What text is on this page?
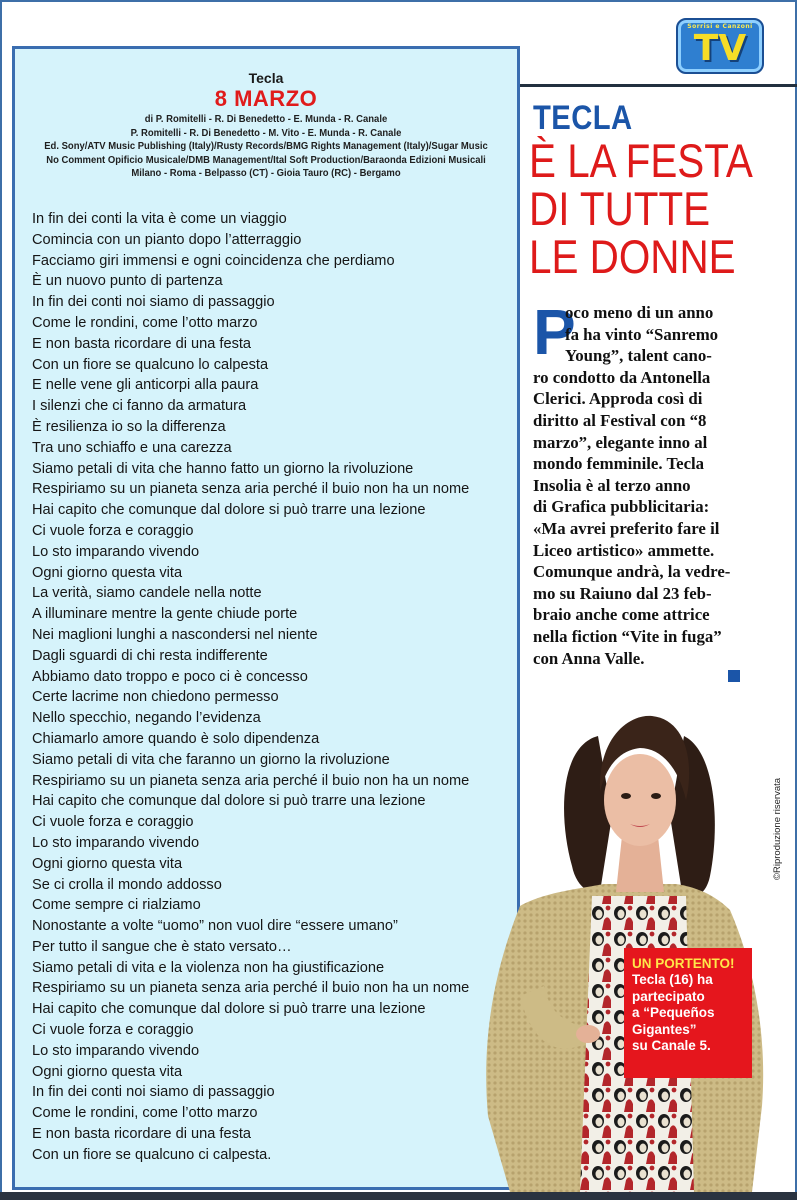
Sorrisi e Canzoni
TV
Tecla
8 MARZO
di P. Romitelli - R. Di Benedetto - E. Munda - R. Canale
P. Romitelli - R. Di Benedetto - M. Vito - E. Munda - R. Canale
Ed. Sony/ATV Music Publishing (Italy)/Rusty Records/BMG Rights Management (Italy)/Sugar Music
No Comment Opificio Musicale/DMB Management/Ital Soft Production/Baraonda Edizioni Musicali
Milano - Roma - Belpasso (CT) - Gioia Tauro (RC) - Bergamo
In fin dei conti la vita è come un viaggio
Comincia con un pianto dopo l’atterraggio
Facciamo giri immensi e ogni coincidenza che perdiamo
È un nuovo punto di partenza
In fin dei conti noi siamo di passaggio
Come le rondini, come l’otto marzo
E non basta ricordare di una festa
Con un fiore se qualcuno lo calpesta
E nelle vene gli anticorpi alla paura
I silenzi che ci fanno da armatura
È resilienza io so la differenza
Tra uno schiaffo e una carezza
Siamo petali di vita che hanno fatto un giorno la rivoluzione
Respiriamo su un pianeta senza aria perché il buio non ha un nome
Hai capito che comunque dal dolore si può trarre una lezione
Ci vuole forza e coraggio
Lo sto imparando vivendo
Ogni giorno questa vita
La verità, siamo candele nella notte
A illuminare mentre la gente chiude porte
Nei maglioni lunghi a nascondersi nel niente
Dagli sguardi di chi resta indifferente
Abbiamo dato troppo e poco ci è concesso
Certe lacrime non chiedono permesso
Nello specchio, negando l’evidenza
Chiamarlo amore quando è solo dipendenza
Siamo petali di vita che faranno un giorno la rivoluzione
Respiriamo su un pianeta senza aria perché il buio non ha un nome
Hai capito che comunque dal dolore si può trarre una lezione
Ci vuole forza e coraggio
Lo sto imparando vivendo
Ogni giorno questa vita
Se ci crolla il mondo addosso
Come sempre ci rialziamo
Nonostante a volte “uomo” non vuol dire “essere umano”
Per tutto il sangue che è stato versato…
Siamo petali di vita e la violenza non ha giustificazione
Respiriamo su un pianeta senza aria perché il buio non ha un nome
Hai capito che comunque dal dolore si può trarre una lezione
Ci vuole forza e coraggio
Lo sto imparando vivendo
Ogni giorno questa vita
In fin dei conti noi siamo di passaggio
Come le rondini, come l’otto marzo
E non basta ricordare di una festa
Con un fiore se qualcuno ci calpesta.
TECLA
È LA FESTA
DI TUTTE
LE DONNE
P
oco meno di un anno
fa ha vinto “Sanremo
Young”, talent cano-
ro condotto da Antonella
Clerici. Approda così di
diritto al Festival con “8
marzo”, elegante inno al
mondo femminile. Tecla
Insolia è al terzo anno
di Grafica pubblicitaria:
«Ma avrei preferito fare il
Liceo artistico» ammette.
Comunque andrà, la vedre-
mo su Raiuno dal 23 feb-
braio anche come attrice
nella fiction “Vite in fuga”
con Anna Valle.
©Riproduzione riservata
UN PORTENTO!
Tecla (16) ha
partecipato
a “Pequeños
Gigantes”
su Canale 5.
